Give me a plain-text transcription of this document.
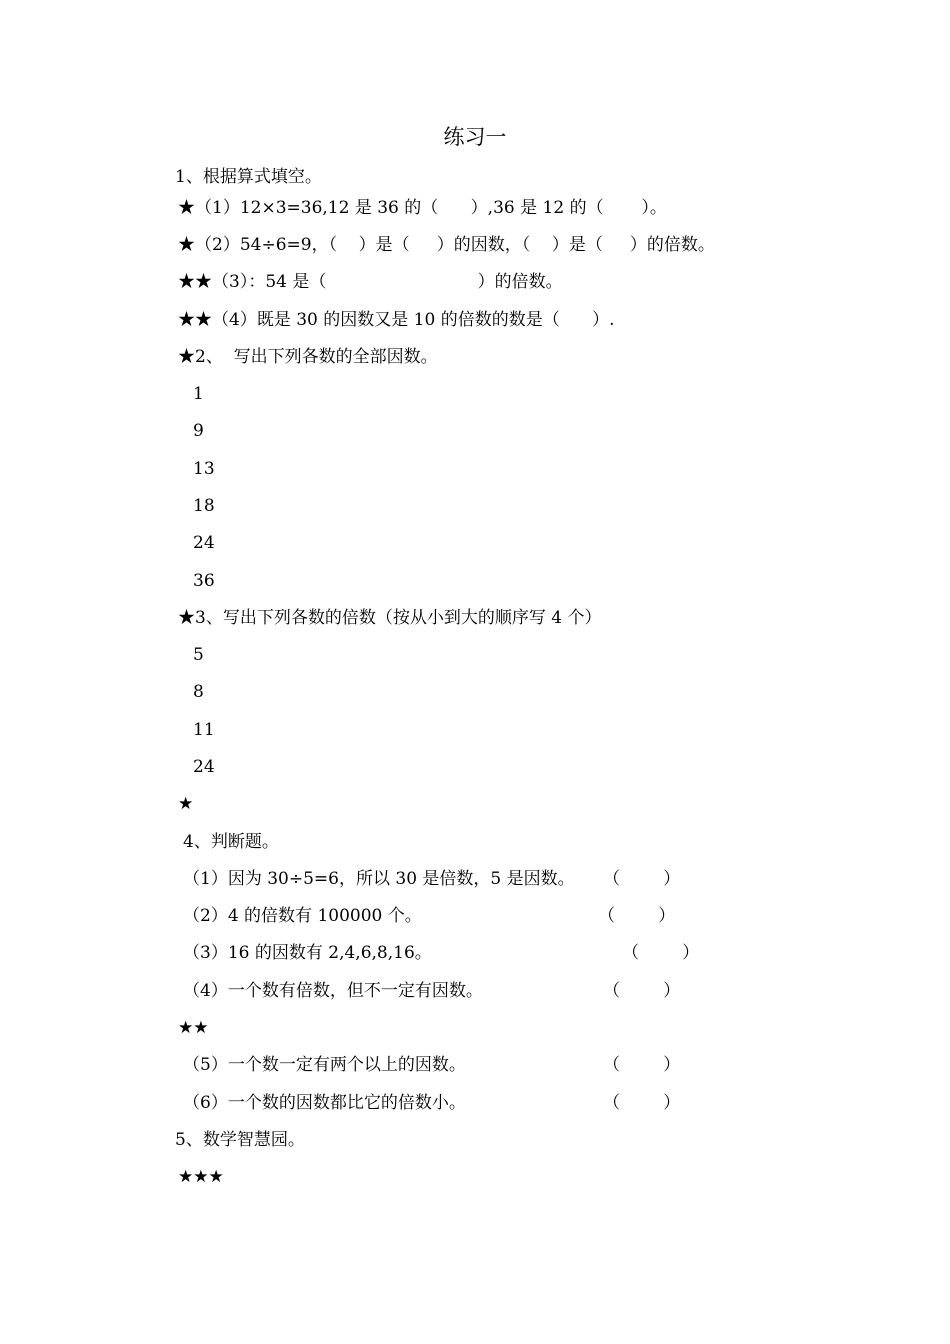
练习一
1、根据算式填空。
★（1）12×3=36,12 是 36 的（      ）,36 是 12 的（       ）。
★（2）54÷6=9，（    ）是（     ）的因数，（    ）是（     ）的倍数。
★★（3）：54 是（                            ）的倍数。
★★（4）既是 30 的因数又是 10 的倍数的数是（      ）.
★2、  写出下列各数的全部因数。
1
9
13
18
24
36
★3、写出下列各数的倍数（按从小到大的顺序写 4 个）
5
8
11
24
★
4、判断题。
（1）因为 30÷5=6，所以 30 是倍数，5 是因数。 （        ）
（2）4 的倍数有 100000 个。	（        ）
（3）16 的因数有 2,4,6,8,16。	（        ）
（4）一个数有倍数，但不一定有因数。	（        ）
★★
（5）一个数一定有两个以上的因数。	（        ）
（6）一个数的因数都比它的倍数小。	（        ）
5、数学智慧园。
★★★
